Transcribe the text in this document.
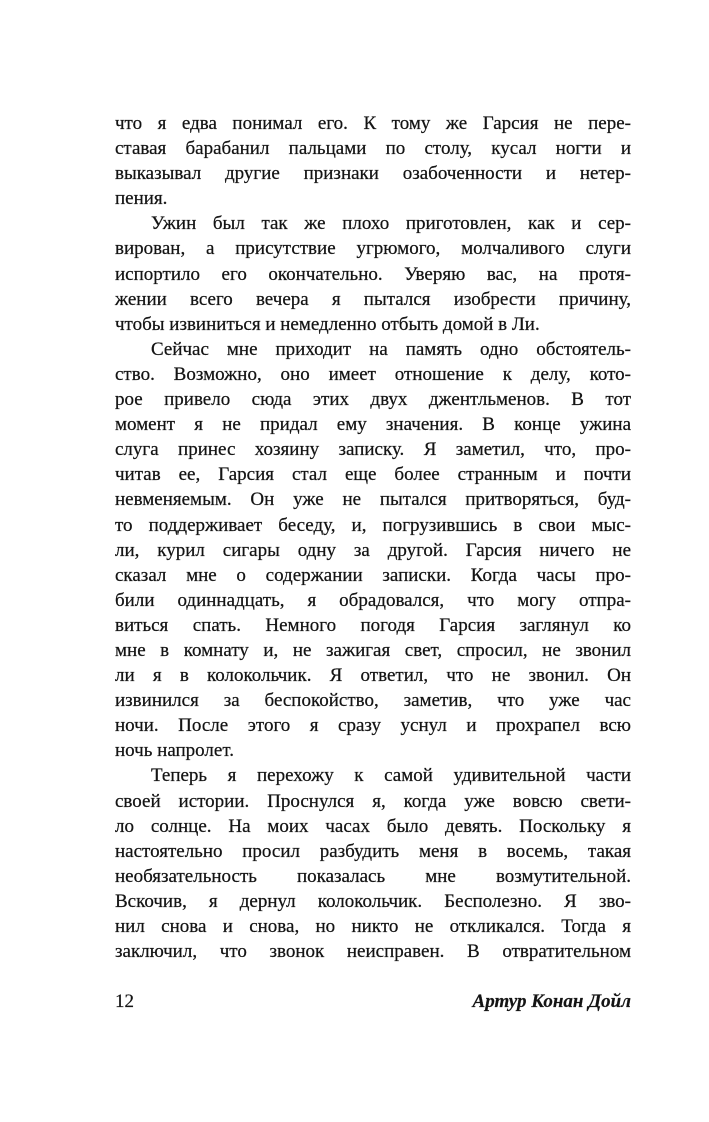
что я едва понимал его. К тому же Гарсия не пере-
ставая барабанил пальцами по столу, кусал ногти и
выказывал другие признаки озабоченности и нетер-
пения.
Ужин был так же плохо приготовлен, как и сер-
вирован, а присутствие угрюмого, молчаливого слуги
испортило его окончательно. Уверяю вас, на протя-
жении всего вечера я пытался изобрести причину,
чтобы извиниться и немедленно отбыть домой в Ли.
Сейчас мне приходит на память одно обстоятель-
ство. Возможно, оно имеет отношение к делу, кото-
рое привело сюда этих двух джентльменов. В тот
момент я не придал ему значения. В конце ужина
слуга принес хозяину записку. Я заметил, что, про-
читав ее, Гарсия стал еще более странным и почти
невменяемым. Он уже не пытался притворяться, буд-
то поддерживает беседу, и, погрузившись в свои мыс-
ли, курил сигары одну за другой. Гарсия ничего не
сказал мне о содержании записки. Когда часы про-
били одиннадцать, я обрадовался, что могу отпра-
виться спать. Немного погодя Гарсия заглянул ко
мне в комнату и, не зажигая свет, спросил, не звонил
ли я в колокольчик. Я ответил, что не звонил. Он
извинился за беспокойство, заметив, что уже час
ночи. После этого я сразу уснул и прохрапел всю
ночь напролет.
Теперь я перехожу к самой удивительной части
своей истории. Проснулся я, когда уже вовсю свети-
ло солнце. На моих часах было девять. Поскольку я
настоятельно просил разбудить меня в восемь, такая
необязательность показалась мне возмутительной.
Вскочив, я дернул колокольчик. Бесполезно. Я зво-
нил снова и снова, но никто не откликался. Тогда я
заключил, что звонок неисправен. В отвратительном
12	Артур Конан Дойл
